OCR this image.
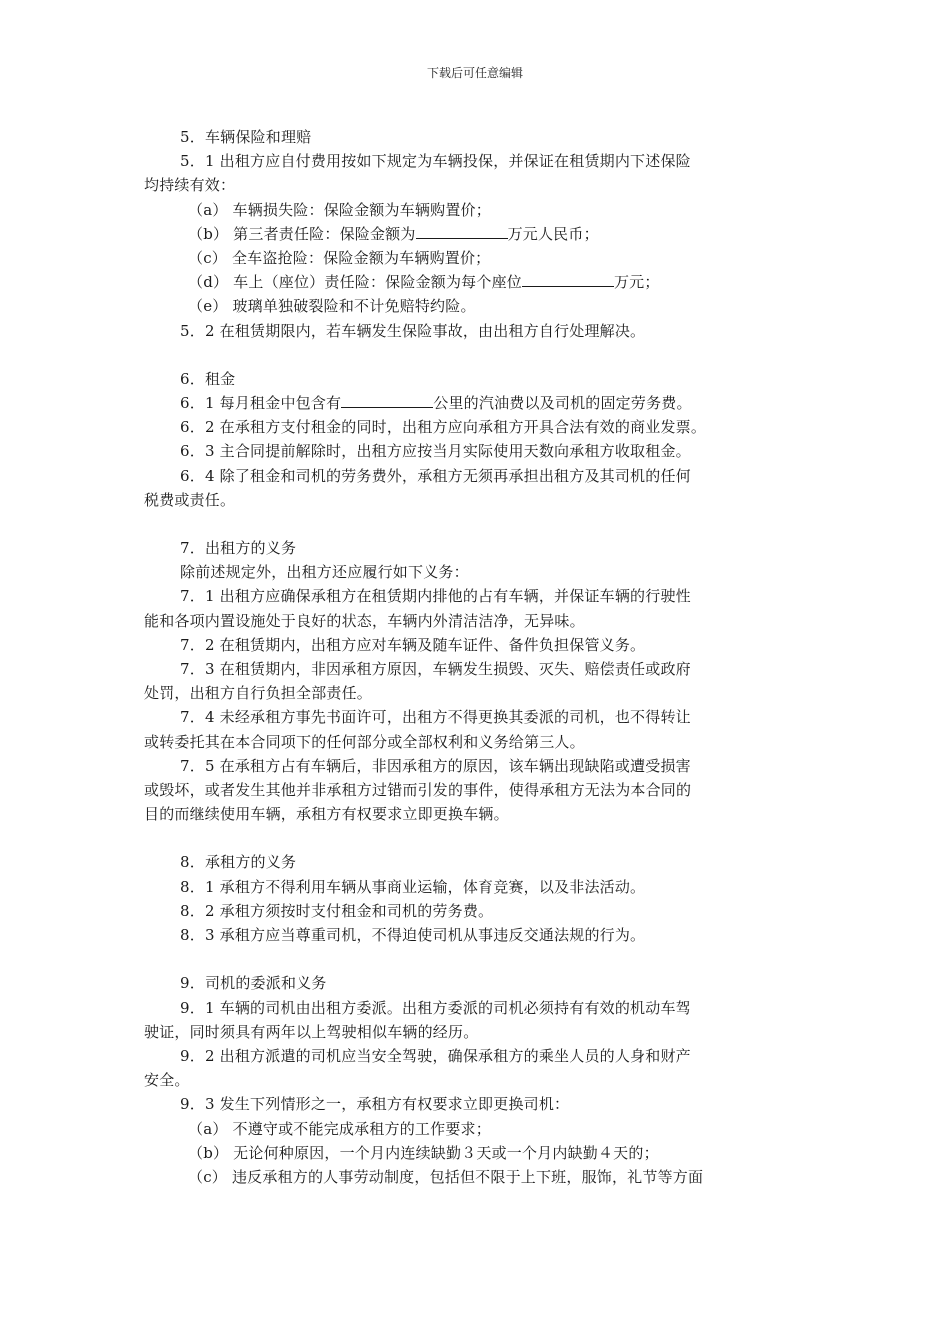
下载后可任意编辑
5．车辆保险和理赔
5．1 出租方应自付费用按如下规定为车辆投保，并保证在租赁期内下述保险
均持续有效：
（a） 车辆损失险：保险金额为车辆购置价；
（b） 第三者责任险：保险金额为	万元人民币；
（c） 全车盗抢险：保险金额为车辆购置价；
（d） 车上（座位）责任险：保险金额为每个座位	万元；
（e） 玻璃单独破裂险和不计免赔特约险。
5．2 在租赁期限内，若车辆发生保险事故，由出租方自行处理解决。
6．租金
6．1 每月租金中包含有	公里的汽油费以及司机的固定劳务费。
6．2 在承租方支付租金的同时，出租方应向承租方开具合法有效的商业发票。
6．3 主合同提前解除时，出租方应按当月实际使用天数向承租方收取租金。
6．4 除了租金和司机的劳务费外，承租方无须再承担出租方及其司机的任何
税费或责任。
7．出租方的义务
除前述规定外，出租方还应履行如下义务：
7．1 出租方应确保承租方在租赁期内排他的占有车辆，并保证车辆的行驶性
能和各项内置设施处于良好的状态，车辆内外清洁洁净，无异味。
7．2 在租赁期内，出租方应对车辆及随车证件、备件负担保管义务。
7．3 在租赁期内，非因承租方原因，车辆发生损毁、灭失、赔偿责任或政府
处罚，出租方自行负担全部责任。
7．4 未经承租方事先书面许可，出租方不得更换其委派的司机，也不得转让
或转委托其在本合同项下的任何部分或全部权利和义务给第三人。
7．5 在承租方占有车辆后，非因承租方的原因，该车辆出现缺陷或遭受损害
或毁坏，或者发生其他并非承租方过错而引发的事件，使得承租方无法为本合同的
目的而继续使用车辆，承租方有权要求立即更换车辆。
8．承租方的义务
8．1 承租方不得利用车辆从事商业运输，体育竞赛，以及非法活动。
8．2 承租方须按时支付租金和司机的劳务费。
8．3 承租方应当尊重司机，不得迫使司机从事违反交通法规的行为。
9．司机的委派和义务
9．1 车辆的司机由出租方委派。出租方委派的司机必须持有有效的机动车驾
驶证，同时须具有两年以上驾驶相似车辆的经历。
9．2 出租方派遣的司机应当安全驾驶，确保承租方的乘坐人员的人身和财产
安全。
9．3 发生下列情形之一，承租方有权要求立即更换司机：
（a） 不遵守或不能完成承租方的工作要求；
（b） 无论何种原因，一个月内连续缺勤３天或一个月内缺勤４天的；
（c） 违反承租方的人事劳动制度，包括但不限于上下班，服饰，礼节等方面
